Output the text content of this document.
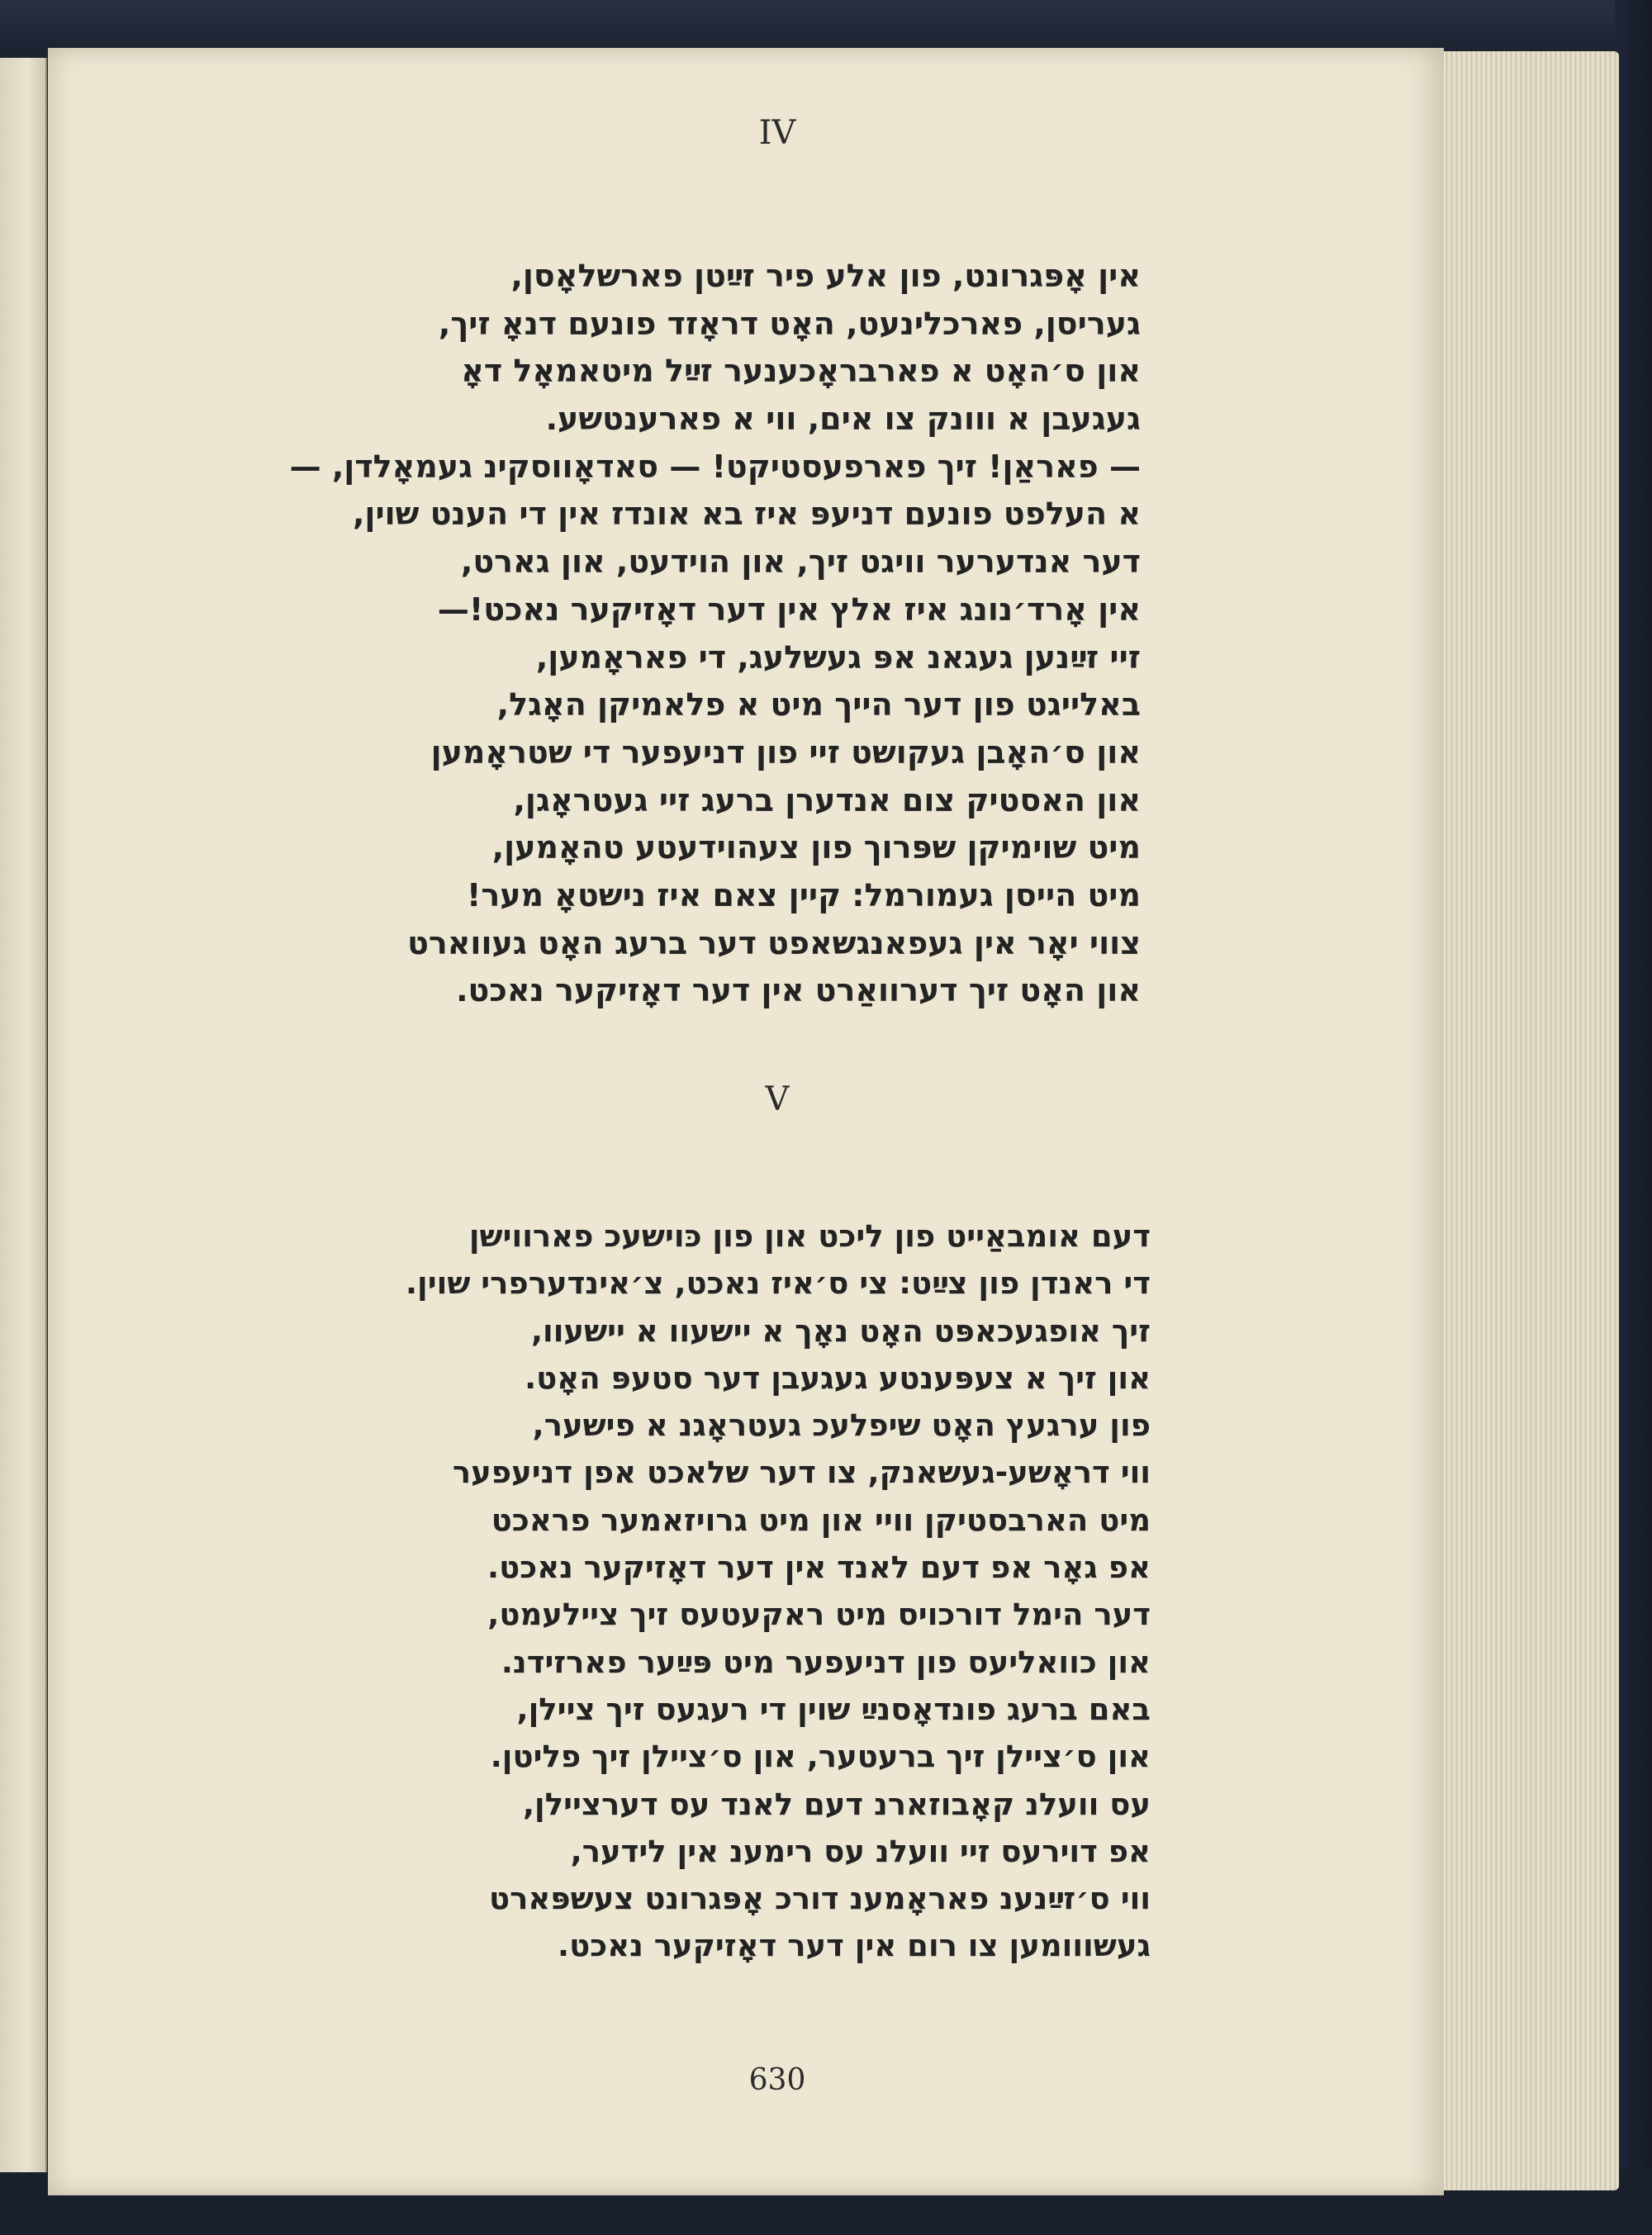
IV
אין אָפּגרונט, פון אלע פיר זײַטן פארשלאָסן,
געריסן, פארכלינעט, האָט דראָזד פונעם דנאָ זיך,
און ס׳האָט א פארבראָכענער זײַל מיטאמאָל דאָ
געגעבן א ווונק צו אים, ווי א פארענטשע.
— פאראַן! זיך פארפעסטיקט! — סאדאָווסקינ געמאָלדן, —
א העלפט פונעם דניעפּ איז בא אונדז אין די הענט שוין,
דער אנדערער וויגט זיך, און הוידעט, און גארט,
אין אָרד׳נונג איז אלץ אין דער דאָזיקער נאכט!—
זיי זײַנען געגאנ אפּ געשלעג, די פאראָמען,
באלייגט פון דער הייך מיט א פלאמיקן האָגל,
און ס׳האָבן געקושט זיי פון דניעפער די שטראָמען
און האסטיק צום אנדערן ברעג זיי געטראָגן,
מיט שוימיקן שפּרוך פון צעהוידעטע טהאָמען,
מיט הייסן געמורמל: קיין צאם איז נישטאָ מער!
צווי יאָר אין געפאנגשאפט דער ברעג האָט געווארט
און האָט זיך דערוואַרט אין דער דאָזיקער נאכט.
V
דעם אומבאַייט פון ליכט און פון כּוישעכ פארווישן
די ראנדן פון צײַט: צי ס׳איז נאכט, צ׳אינדערפרי שוין.
זיך אופגעכאפּט האָט נאָך א יישעוו א יישעוו,
און זיך א צעפּענטע געגעבן דער סטעפּ האָט.
פון ערגעץ האָט שיפלעכ געטראָגנ א פישער,
ווי דראָשע-געשאנק, צו דער שלאכט אפן דניעפער
מיט הארבסטיקן וויי און מיט גרויזאמער פראכט
אפ גאָר אפ דעם לאנד אין דער דאָזיקער נאכט.
דער הימל דורכויס מיט ראקעטעס זיך ציילעמט,
און כוואליעס פון דניעפער מיט פּײַער פארזידנ.
באם ברעג פונדאָסנײַ שוין די רעגעס זיך ציילן,
און ס׳ציילן זיך ברעטער, און ס׳ציילן זיך פליטן.
עס וועלנ קאָבוזארנ דעם לאנד עס דערציילן,
אפ דוירעס זיי וועלנ עס רימענ אין לידער,
ווי ס׳זײַנענ פאראָמענ דורכ אָפּגרונט צעשפּארט
געשווומען צו רום אין דער דאָזיקער נאכט.
630
